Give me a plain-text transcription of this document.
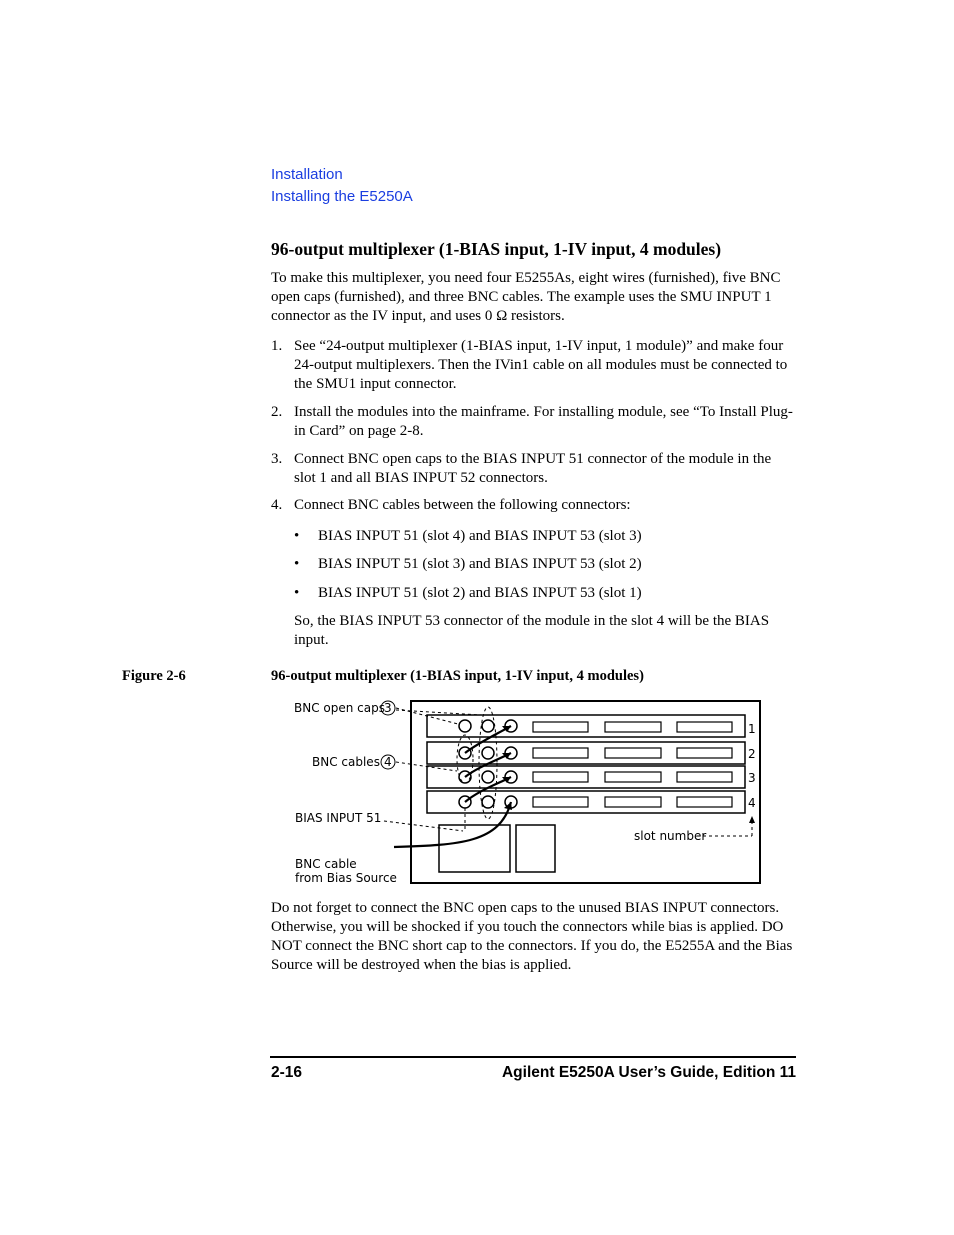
Installation
Installing the E5250A
96-output multiplexer (1-BIAS input, 1-IV input, 4 modules)
To make this multiplexer, you need four E5255As, eight wires (furnished), five BNC open caps (furnished), and three BNC cables. The example uses the SMU INPUT 1 connector as the IV input, and uses 0 Ω resistors.
1. See “24-output multiplexer (1-BIAS input, 1-IV input, 1 module)” and make four 24-output multiplexers. Then the IVin1 cable on all modules must be connected to the SMU1 input connector.
2. Install the modules into the mainframe. For installing module, see “To Install Plug-in Card” on page 2-8.
3. Connect BNC open caps to the BIAS INPUT 51 connector of the module in the slot 1 and all BIAS INPUT 52 connectors.
4. Connect BNC cables between the following connectors:
• BIAS INPUT 51 (slot 4) and BIAS INPUT 53 (slot 3)
• BIAS INPUT 51 (slot 3) and BIAS INPUT 53 (slot 2)
• BIAS INPUT 51 (slot 2) and BIAS INPUT 53 (slot 1)
So, the BIAS INPUT 53 connector of the module in the slot 4 will be the BIAS input.
Figure 2-6	96-output multiplexer (1-BIAS input, 1-IV input, 4 modules)
BNC open caps 3
BNC cables 4
BIAS INPUT 51
BNC cable
from Bias Source
1
2
3
4
slot number
Do not forget to connect the BNC open caps to the unused BIAS INPUT connectors. Otherwise, you will be shocked if you touch the connectors while bias is applied. DO NOT connect the BNC short cap to the connectors. If you do, the E5255A and the Bias Source will be destroyed when the bias is applied.
2-16	Agilent E5250A User’s Guide, Edition 11
